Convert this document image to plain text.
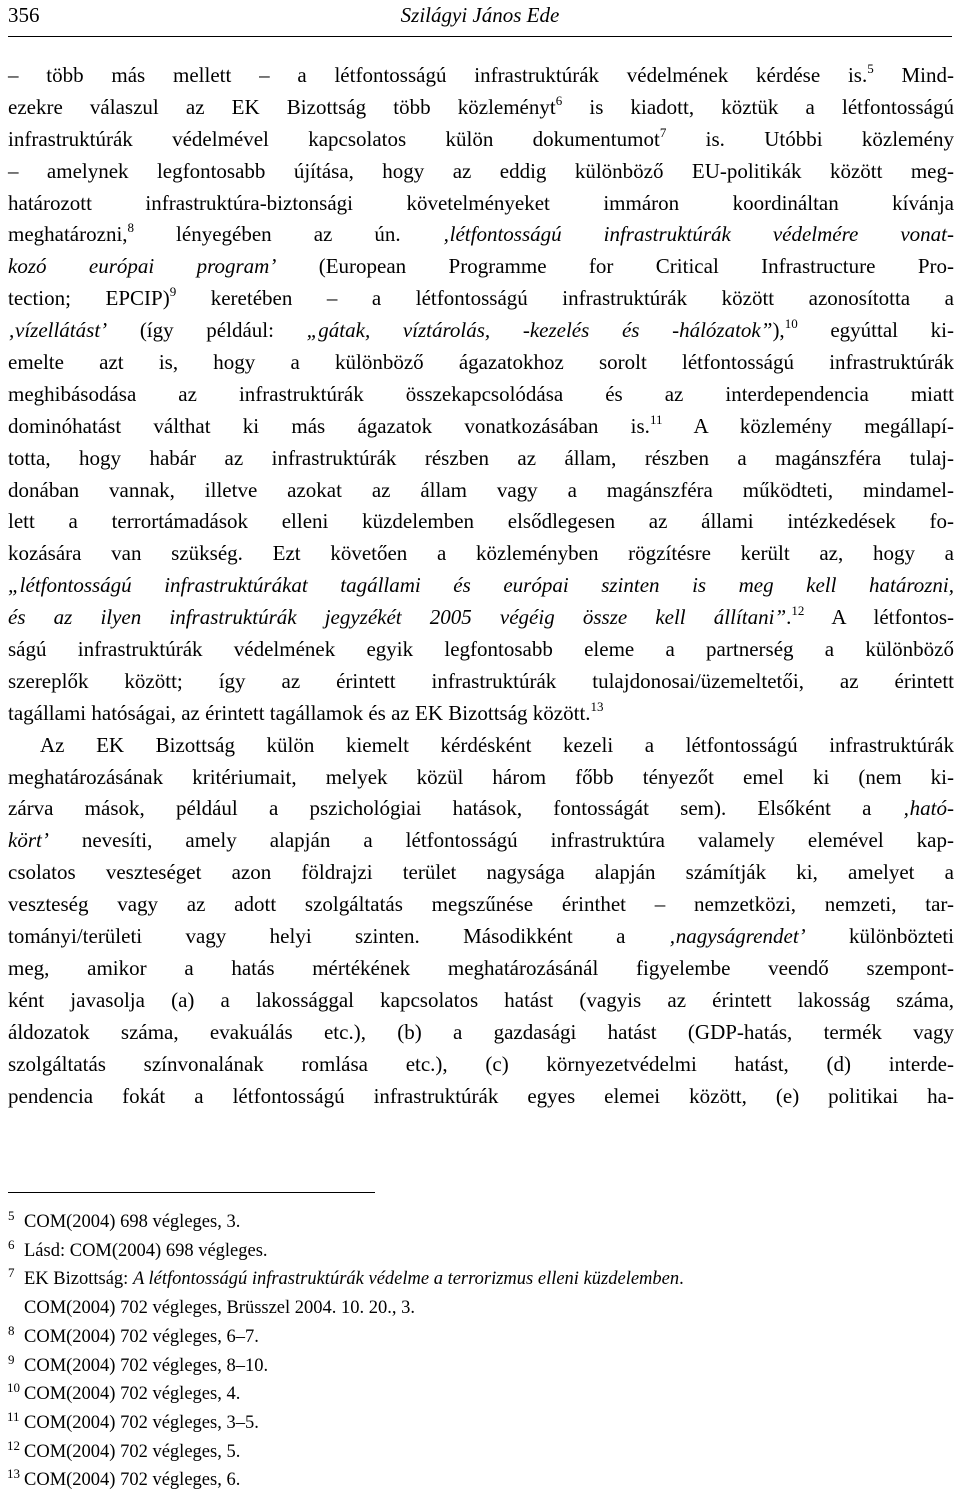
356	Szilágyi János Ede
– több más mellett – a létfontosságú infrastruktúrák védelmének kérdése is.$^5$ Mind-
ezekre válaszul az EK Bizottság több közleményt$^6$ is kiadott, köztük a létfontosságú
infrastruktúrák védelmével kapcsolatos külön dokumentumot$^7$ is. Utóbbi közlemény
– amelynek legfontosabb újítása, hogy az eddig különböző EU-politikák között meg-
határozott infrastruktúra-biztonsági követelményeket immáron koordináltan kívánja
meghatározni,$^8$ lényegében az ún. ‚létfontosságú infrastruktúrák védelmére vonat-
kozó európai program’ (European Programme for Critical Infrastructure Pro-
tection; EPCIP)$^9$ keretében – a létfontosságú infrastruktúrák között azonosította a
‚vízellátást’ (így például: „gátak, víztárolás, -kezelés és -hálózatok”),$^{10}$ egyúttal ki-
emelte azt is, hogy a különböző ágazatokhoz sorolt létfontosságú infrastruktúrák
meghibásodása az infrastruktúrák összekapcsolódása és az interdependencia miatt
dominóhatást válthat ki más ágazatok vonatkozásában is.$^{11}$ A közlemény megállapí-
totta, hogy habár az infrastruktúrák részben az állam, részben a magánszféra tulaj-
donában vannak, illetve azokat az állam vagy a magánszféra működteti, mindamel-
lett a terrortámadások elleni küzdelemben elsődlegesen az állami intézkedések fo-
kozására van szükség. Ezt követően a közleményben rögzítésre került az, hogy a
„létfontosságú infrastruktúrákat tagállami és európai szinten is meg kell határozni,
és az ilyen infrastruktúrák jegyzékét 2005 végéig össze kell állítani”.$^{12}$ A létfontos-
ságú infrastruktúrák védelmének egyik legfontosabb eleme a partnerség a különböző
szereplők között; így az érintett infrastruktúrák tulajdonosai/üzemeltetői, az érintett
tagállami hatóságai, az érintett tagállamok és az EK Bizottság között.$^{13}$
Az EK Bizottság külön kiemelt kérdésként kezeli a létfontosságú infrastruktúrák
meghatározásának kritériumait, melyek közül három főbb tényezőt emel ki (nem ki-
zárva mások, például a pszichológiai hatások, fontosságát sem). Elsőként a ‚ható-
kört’ nevesíti, amely alapján a létfontosságú infrastruktúra valamely elemével kap-
csolatos veszteséget azon földrajzi terület nagysága alapján számítják ki, amelyet a
veszteség vagy az adott szolgáltatás megszűnése érinthet – nemzetközi, nemzeti, tar-
tományi/területi vagy helyi szinten. Másodikként a ‚nagyságrendet’ különbözteti
meg, amikor a hatás mértékének meghatározásánál figyelembe veendő szempont-
ként javasolja (a) a lakossággal kapcsolatos hatást (vagyis az érintett lakosság száma,
áldozatok száma, evakuálás etc.), (b) a gazdasági hatást (GDP-hatás, termék vagy
szolgáltatás színvonalának romlása etc.), (c) környezetvédelmi hatást, (d) interde-
pendencia fokát a létfontosságú infrastruktúrák egyes elemei között, (e) politikai ha-
5 COM(2004) 698 végleges, 3.
6 Lásd: COM(2004) 698 végleges.
7 EK Bizottság: A létfontosságú infrastruktúrák védelme a terrorizmus elleni küzdelemben.
COM(2004) 702 végleges, Brüsszel 2004. 10. 20., 3.
8 COM(2004) 702 végleges, 6–7.
9 COM(2004) 702 végleges, 8–10.
10 COM(2004) 702 végleges, 4.
11 COM(2004) 702 végleges, 3–5.
12 COM(2004) 702 végleges, 5.
13 COM(2004) 702 végleges, 6.
